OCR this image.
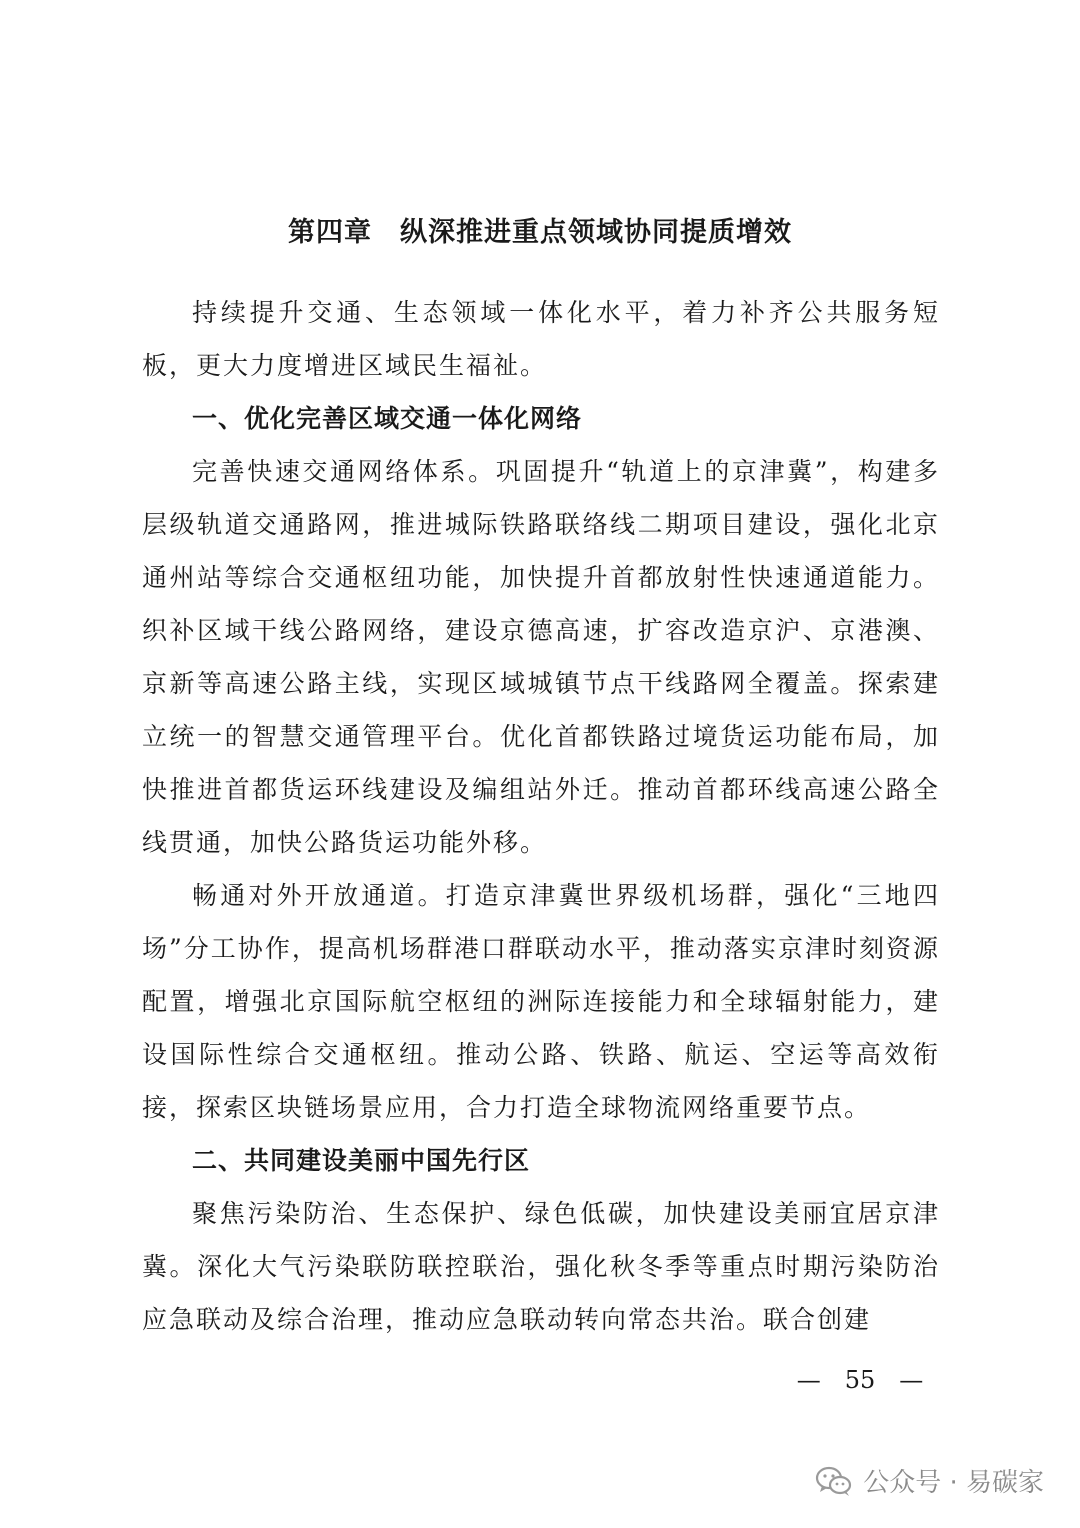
第四章　纵深推进重点领域协同提质增效

持续提升交通、生态领域一体化水平，着力补齐公共服务短板，更大力度增进区域民生福祉。

一、优化完善区域交通一体化网络

完善快速交通网络体系。巩固提升“轨道上的京津冀”，构建多层级轨道交通路网，推进城际铁路联络线二期项目建设，强化北京通州站等综合交通枢纽功能，加快提升首都放射性快速通道能力。织补区域干线公路网络，建设京德高速，扩容改造京沪、京港澳、京新等高速公路主线，实现区域城镇节点干线路网全覆盖。探索建立统一的智慧交通管理平台。优化首都铁路过境货运功能布局，加快推进首都货运环线建设及编组站外迁。推动首都环线高速公路全线贯通，加快公路货运功能外移。

畅通对外开放通道。打造京津冀世界级机场群，强化“三地四场”分工协作，提高机场群港口群联动水平，推动落实京津时刻资源配置，增强北京国际航空枢纽的洲际连接能力和全球辐射能力，建设国际性综合交通枢纽。推动公路、铁路、航运、空运等高效衔接，探索区块链场景应用，合力打造全球物流网络重要节点。

二、共同建设美丽中国先行区

聚焦污染防治、生态保护、绿色低碳，加快建设美丽宜居京津冀。深化大气污染联防联控联治，强化秋冬季等重点时期污染防治应急联动及综合治理，推动应急联动转向常态共治。联合创建

—　55　—
公众号 · 易碳家
